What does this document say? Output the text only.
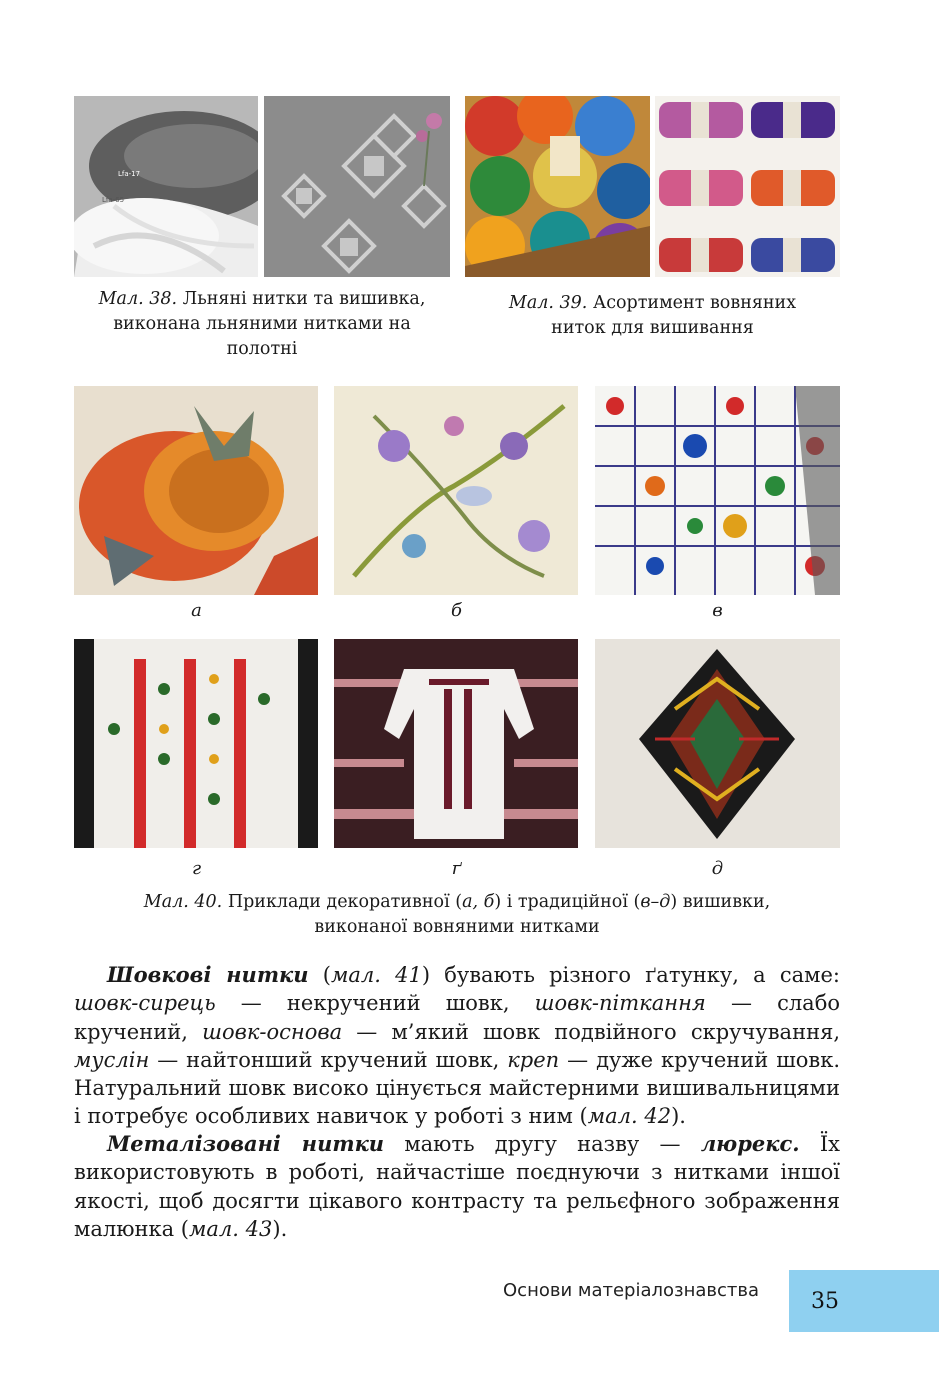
Lfa-17
Lfa-65
Мал. 38. Льняні нитки та вишивка,
виконана льняними нитками на
полотні
Мал. 39. Асортимент вовняних
ниток для вишивання
а	б	в
г	ґ	д
Мал. 40. Приклади декоративної (а, б) і традиційної (в–д) вишивки,
виконаної вовняними нитками

Шовкові нитки (мал. 41) бувають різного ґатунку, а саме: шовк-сирець — некручений шовк, шовк-піткання — слабо кручений, шовк-основа — м’який шовк подвійного скручування, муслін — найтонший кручений шовк, креп — дуже кручений шовк. Натуральний шовк високо цінується майстерними вишивальницями і потребує особливих навичок у роботі з ним (мал. 42).

Металізовані нитки мають другу назву — люрекс. Їх використовують в роботі, найчастіше поєднуючи з нитками іншої якості, щоб досягти цікавого контрасту та рельєфного зображення малюнка (мал. 43).

Основи матеріалознавства 35
